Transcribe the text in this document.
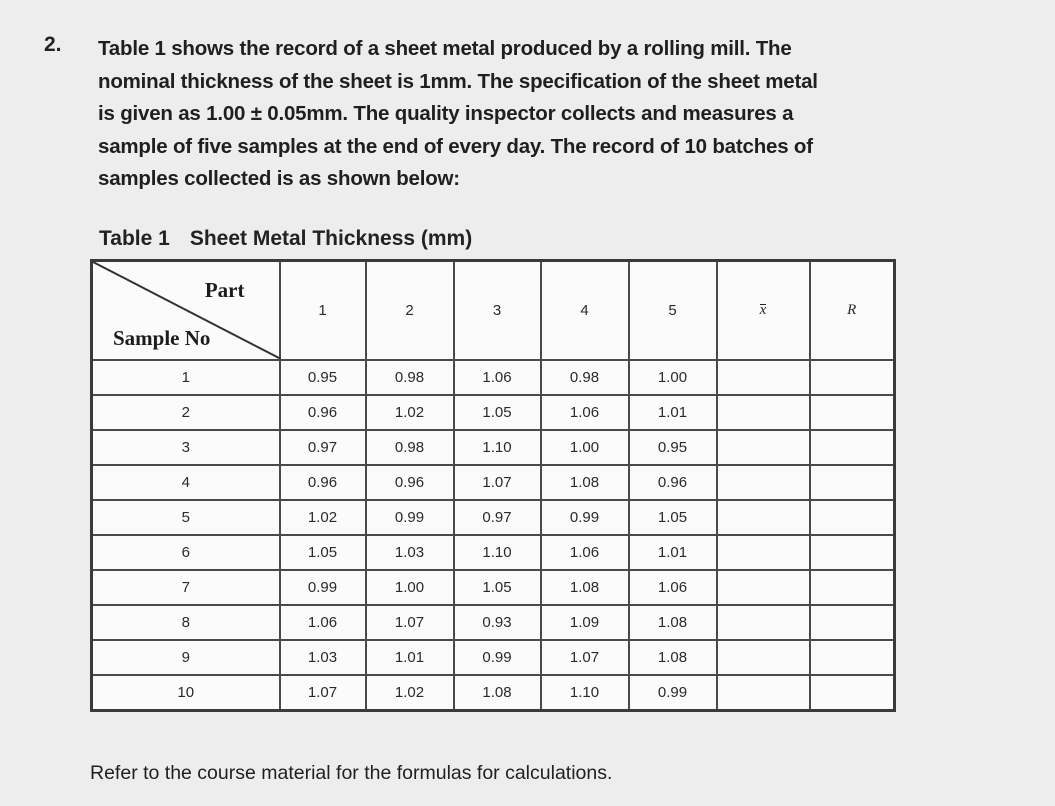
2. Table 1 shows the record of a sheet metal produced by a rolling mill. The
nominal thickness of the sheet is 1mm. The specification of the sheet metal
is given as 1.00 ± 0.05mm. The quality inspector collects and measures a
sample of five samples at the end of every day. The record of 10 batches of
samples collected is as shown below:
Table 1 Sheet Metal Thickness (mm)
Part
Sample No	1	2	3	4	5	x	R
1	0.95	0.98	1.06	0.98	1.00		
2	0.96	1.02	1.05	1.06	1.01		
3	0.97	0.98	1.10	1.00	0.95		
4	0.96	0.96	1.07	1.08	0.96		
5	1.02	0.99	0.97	0.99	1.05		
6	1.05	1.03	1.10	1.06	1.01		
7	0.99	1.00	1.05	1.08	1.06		
8	1.06	1.07	0.93	1.09	1.08		
9	1.03	1.01	0.99	1.07	1.08		
10	1.07	1.02	1.08	1.10	0.99		
Refer to the course material for the formulas for calculations.
